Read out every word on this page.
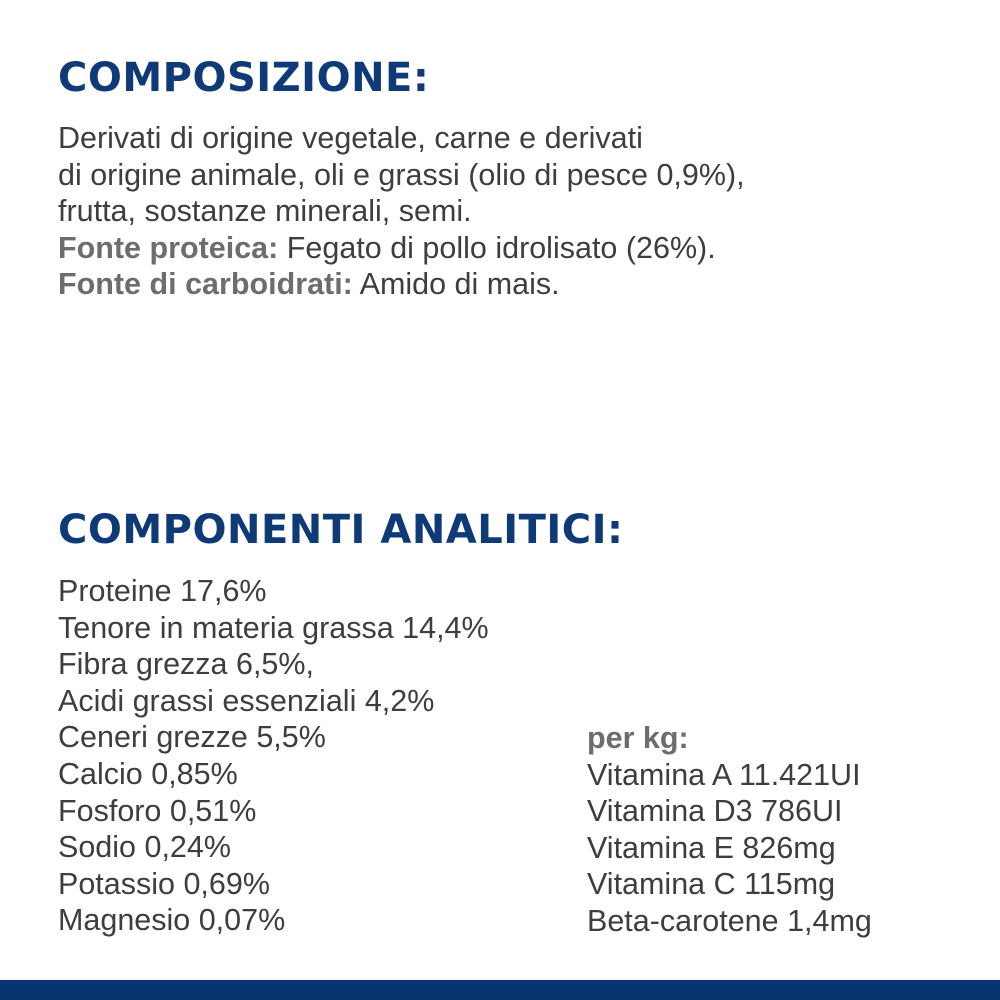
COMPOSIZIONE:
Derivati di origine vegetale, carne e derivati
di origine animale, oli e grassi (olio di pesce 0,9%),
frutta, sostanze minerali, semi.
Fonte proteica: Fegato di pollo idrolisato (26%).
Fonte di carboidrati: Amido di mais.
COMPONENTI ANALITICI:
Proteine 17,6%
Tenore in materia grassa 14,4%
Fibra grezza 6,5%,
Acidi grassi essenziali 4,2%
Ceneri grezze 5,5%
Calcio 0,85%
Fosforo 0,51%
Sodio 0,24%
Potassio 0,69%
Magnesio 0,07%
per kg:
Vitamina A 11.421UI
Vitamina D3 786UI
Vitamina E 826mg
Vitamina C 115mg
Beta-carotene 1,4mg
